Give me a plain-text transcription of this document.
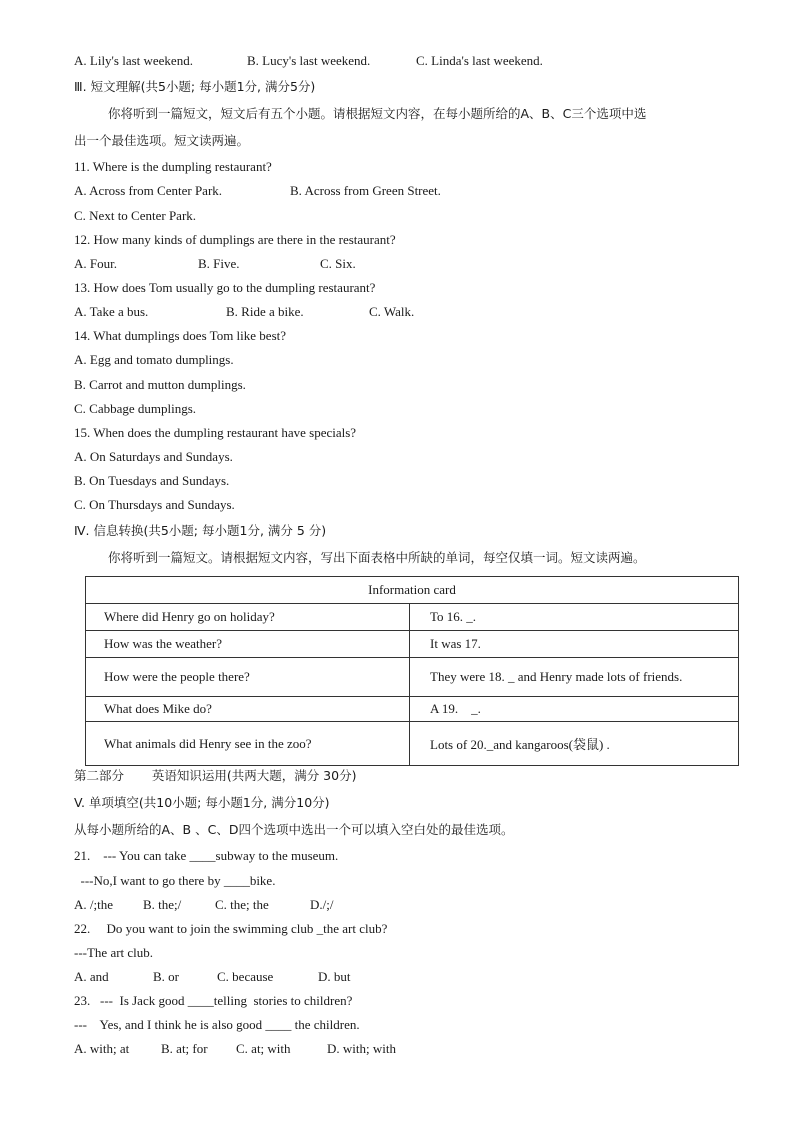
A. Lily's last weekend.	B. Lucy's last weekend.	C. Linda's last weekend.
Ⅲ. 短文理解(共5小题; 每小题1分, 满分5分)
你将听到一篇短文，短文后有五个小题。请根据短文内容，在每小题所给的A、B、C三个选项中选
出一个最佳选项。短文读两遍。
11. Where is the dumpling restaurant?
A. Across from Center Park.	B. Across from Green Street.
C. Next to Center Park.
12. How many kinds of dumplings are there in the restaurant?
A. Four.	B. Five.	C. Six.
13. How does Tom usually go to the dumpling restaurant?
A. Take a bus.	B. Ride a bike.	C. Walk.
14. What dumplings does Tom like best?
A. Egg and tomato dumplings.
B. Carrot and mutton dumplings.
C. Cabbage dumplings.
15. When does the dumpling restaurant have specials?
A. On Saturdays and Sundays.
B. On Tuesdays and Sundays.
C. On Thursdays and Sundays.
Ⅳ. 信息转换(共5小题; 每小题1分, 满分 5 分)
你将听到一篇短文。请根据短文内容，写出下面表格中所缺的单词，每空仅填一词。短文读两遍。
Information card	
Where did Henry go on holiday?	To 16. _.
How was the weather?	It was 17.
How were the people there?	They were 18. _ and Henry made lots of friends.
What does Mike do?	A 19.    _.
What animals did Henry see in the zoo?	Lots of 20._and kangaroos(袋鼠) .
第二部分       英语知识运用(共两大题，满分 30分)
V. 单项填空(共10小题; 每小题1分, 满分10分)
从每小题所给的A、B 、C、D四个选项中选出一个可以填入空白处的最佳选项。
21.    --- You can take ____subway to the museum.
---No,I want to go there by ____bike.
A. /;the B. the;/	C. the; the	D./;/
22.     Do you want to join the swimming club _the art club?
---The art club.
A. and	B. or	C. because	D. but
23.   ---  Is Jack good ____telling  stories to children?
---    Yes, and I think he is also good ____ the children.
A. with; at B. at; for C. at; with	D. with; with
